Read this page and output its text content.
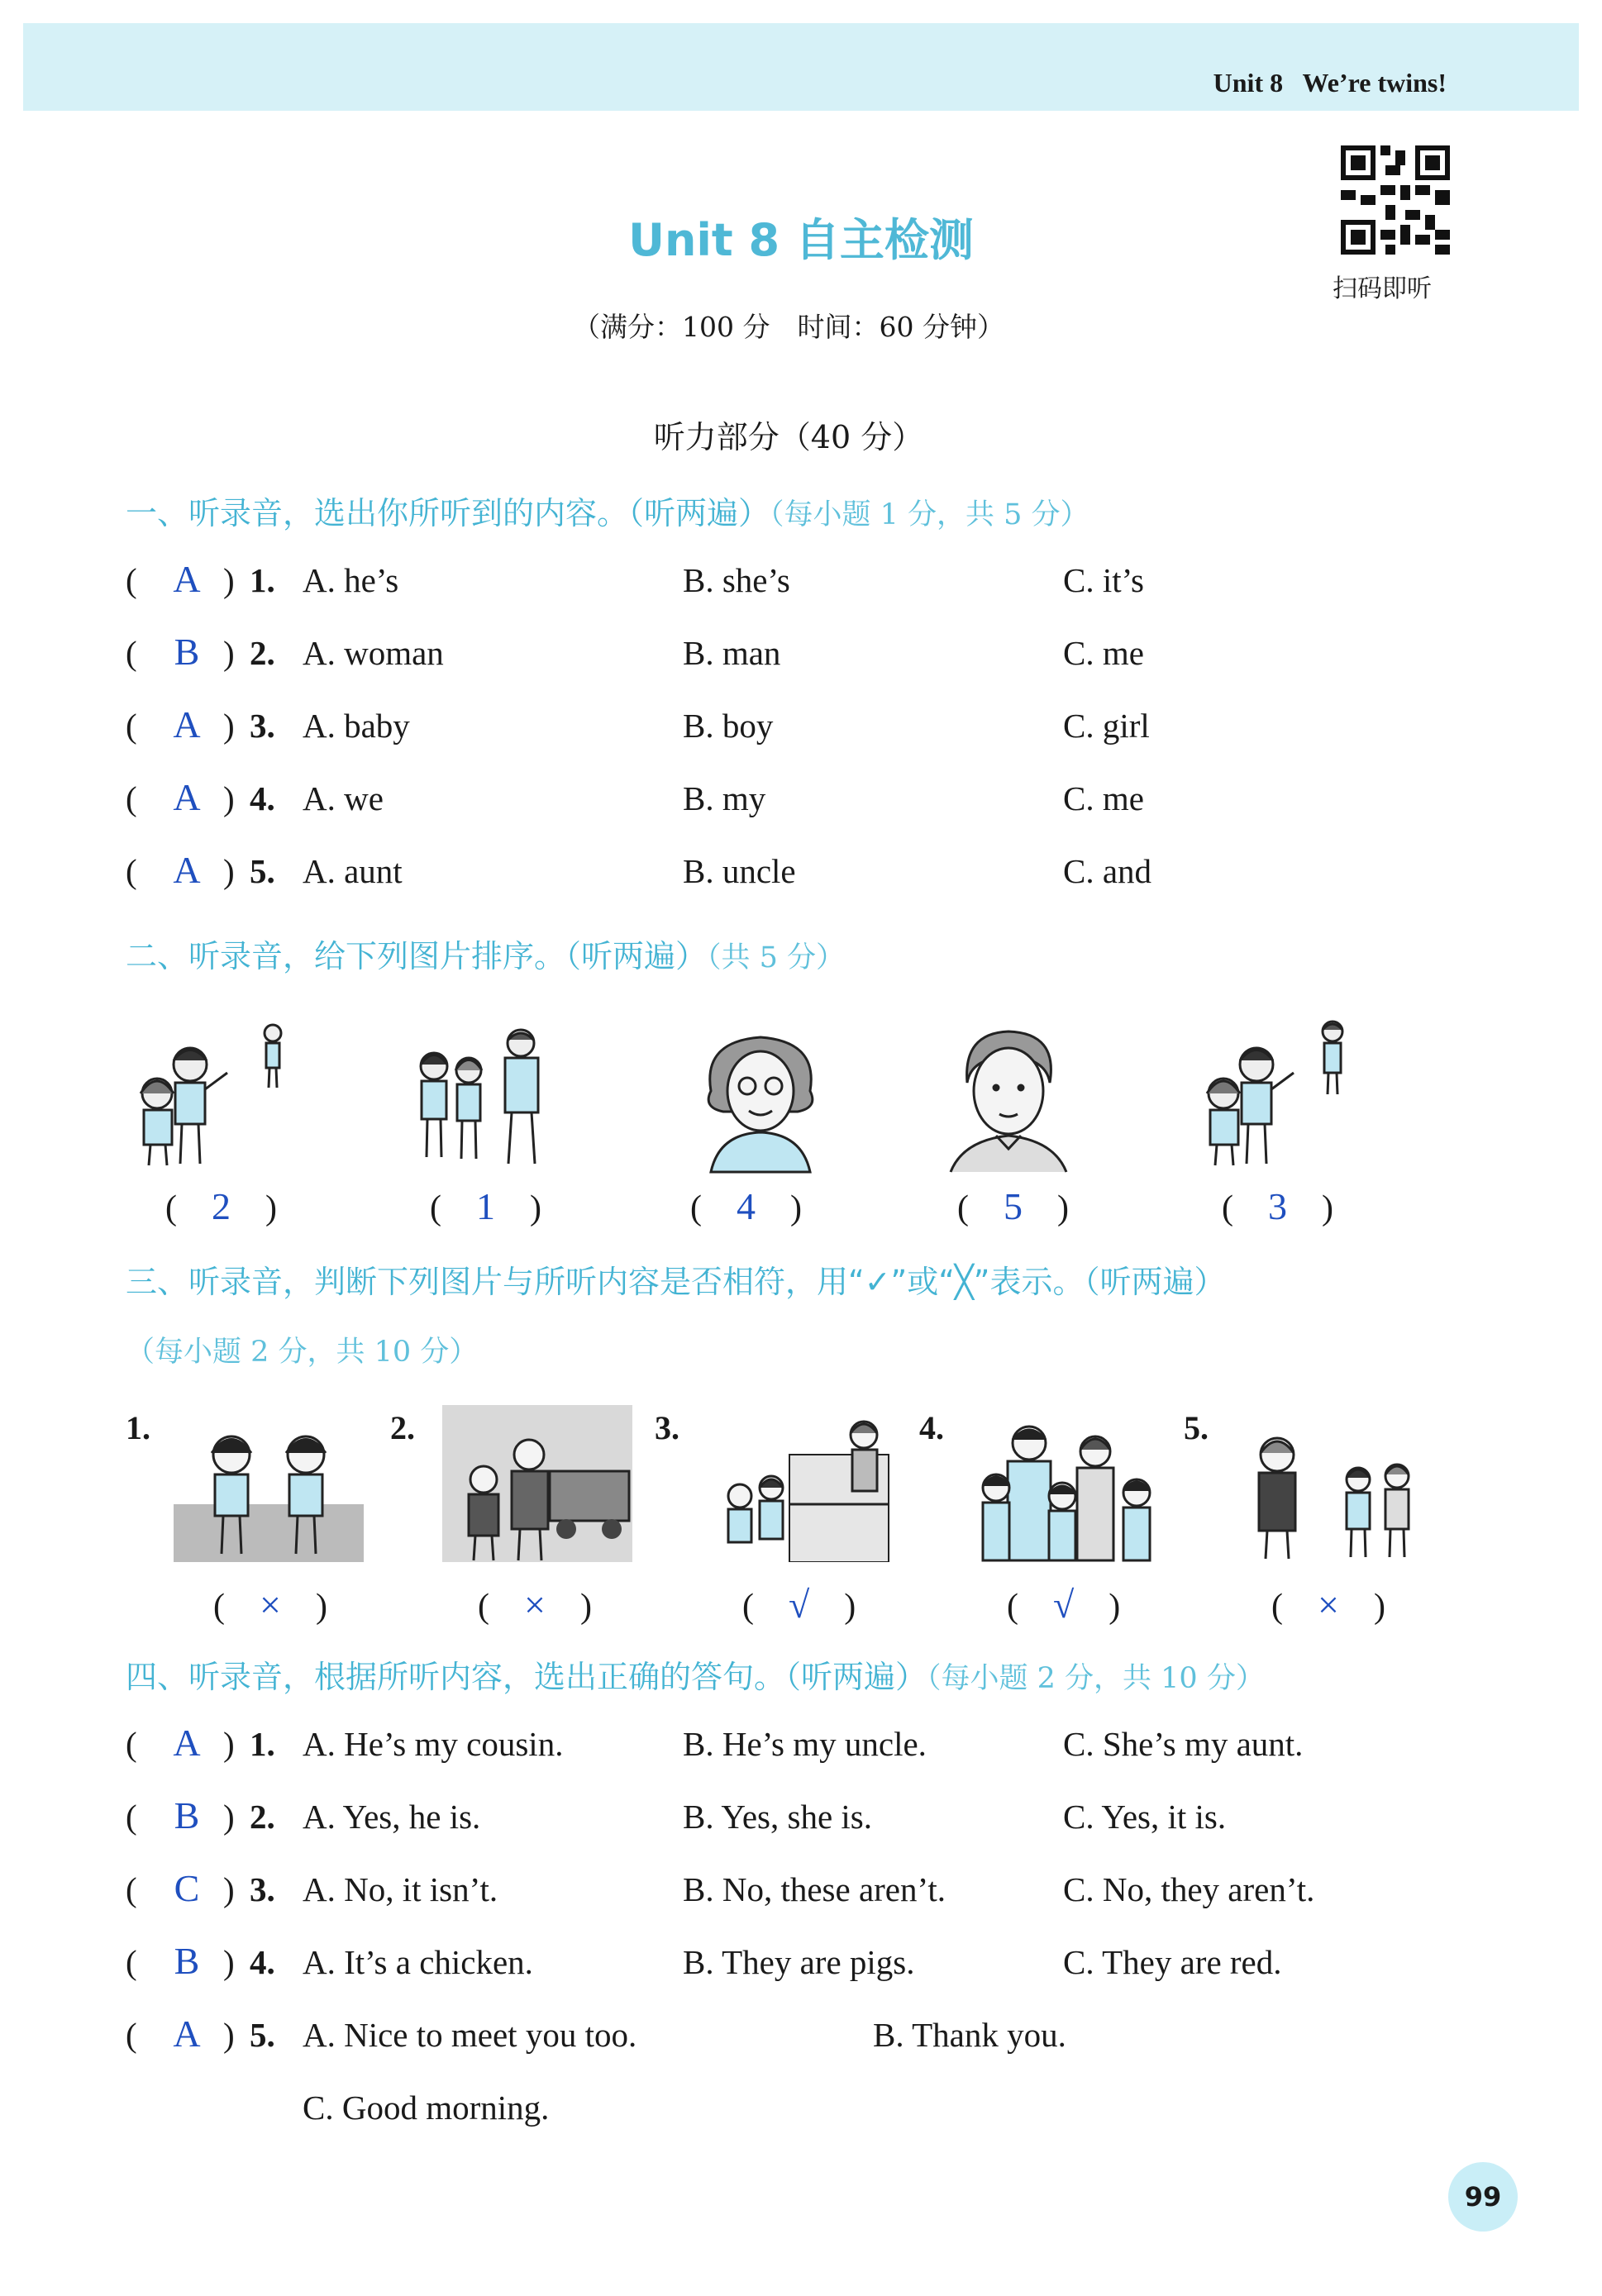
Unit 8 We’re twins!
扫码即听
Unit 8 自主检测
（满分：100 分　时间：60 分钟）
听力部分（40 分）
一、听录音，选出你所听到的内容。（听两遍）（每小题 1 分，共 5 分）
( A ) 1. A. he’s	B. she’s	C. it’s
( B ) 2. A. woman	B. man	C. me
( A ) 3. A. baby	B. boy	C. girl
( A ) 4. A. we	B. my	C. me
( A ) 5. A. aunt	B. uncle	C. and
二、听录音，给下列图片排序。（听两遍）（共 5 分）
(　2　)	(　1　)	(　4　)	(　5　)	(　3　)
三、听录音，判断下列图片与所听内容是否相符，用“✓”或“╳”表示。（听两遍）
（每小题 2 分，共 10 分）
1.
(　×　)
2.
(　×　)
3.
(　√　)
4.
(　√　)
5.
(　×　)
四、听录音，根据所听内容，选出正确的答句。（听两遍）（每小题 2 分，共 10 分）
( A ) 1. A. He’s my cousin.	B. He’s my uncle.	C. She’s my aunt.
( B ) 2. A. Yes, he is.	B. Yes, she is.	C. Yes, it is.
( C ) 3. A. No, it isn’t.	B. No, these aren’t.	C. No, they aren’t.
( B ) 4. A. It’s a chicken.	B. They are pigs.	C. They are red.
( A ) 5. A. Nice to meet you too.	B. Thank you.
C. Good morning.
99
